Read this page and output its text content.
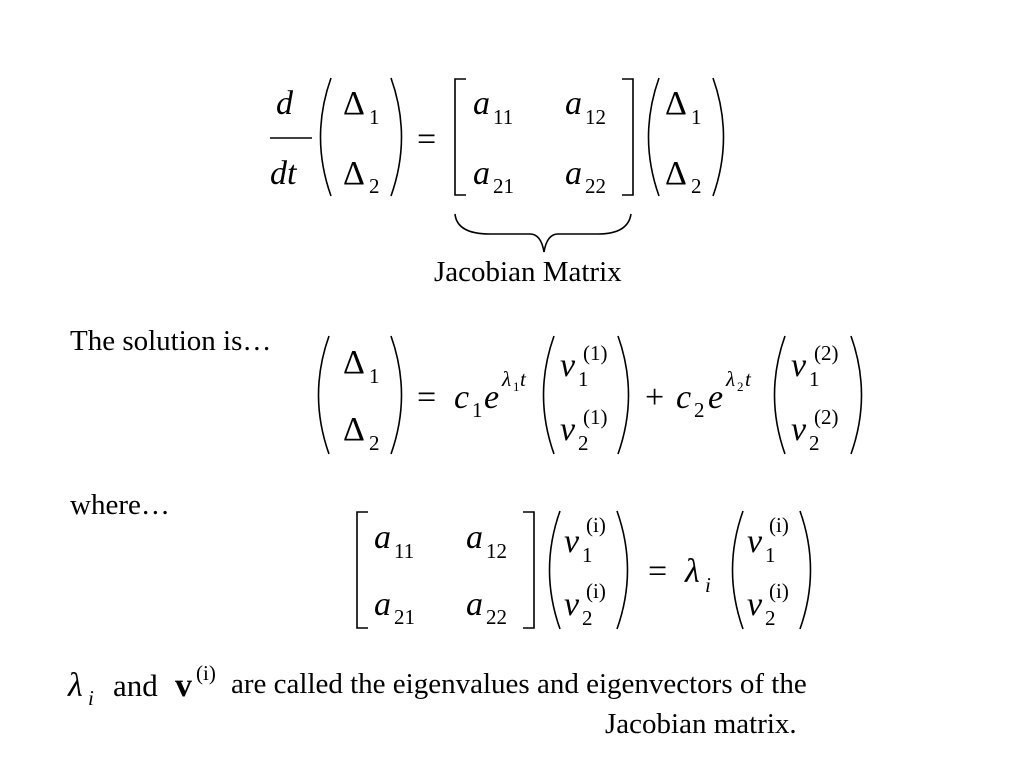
d
dt
Δ 1
Δ 2
=
a 11 a 12
a 21 a 22
Δ 1
Δ 2
Δ 1
Δ 2
= c 1 e λ 1 t v 1
(1)
v 2
(1)
+ c 2 e λ 2 t v 1
(2)
v 2
(2)
a 11 a 12
a 21 a 22
v 1
(i)
v 2
(i)
= λ i
v 1
(i)
v 2
(i)
λ i and v (i)
Jacobian Matrix
The solution is…
where…
are called the eigenvalues and eigenvectors of the
Jacobian matrix.
